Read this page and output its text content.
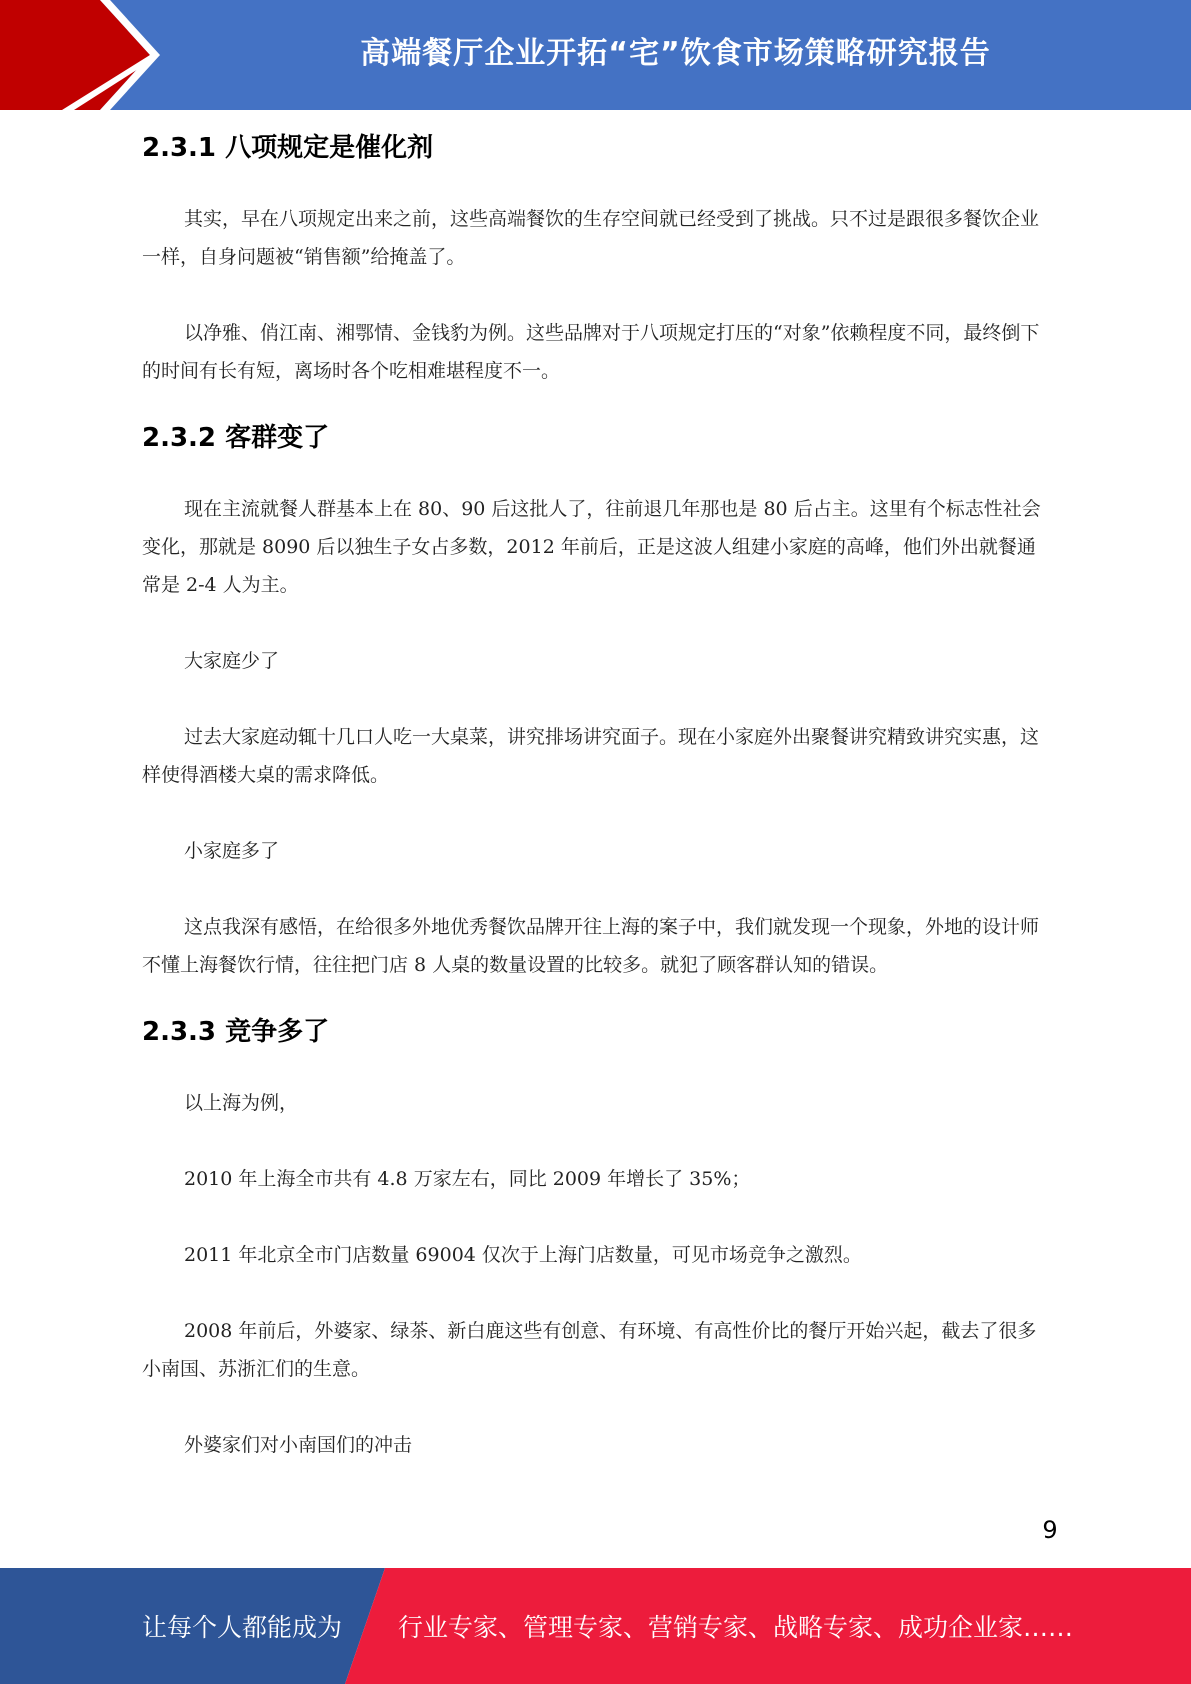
高端餐厅企业开拓“宅”饮食市场策略研究报告
2.3.1 八项规定是催化剂

其实，早在八项规定出来之前，这些高端餐饮的生存空间就已经受到了挑战。只不过是跟很多餐饮企业一样，自身问题被“销售额”给掩盖了。

以净雅、俏江南、湘鄂情、金钱豹为例。这些品牌对于八项规定打压的“对象”依赖程度不同，最终倒下的时间有长有短，离场时各个吃相难堪程度不一。

2.3.2 客群变了

现在主流就餐人群基本上在 80、90 后这批人了，往前退几年那也是 80 后占主。这里有个标志性社会变化，那就是 8090 后以独生子女占多数，2012 年前后，正是这波人组建小家庭的高峰，他们外出就餐通常是 2-4 人为主。

大家庭少了

过去大家庭动辄十几口人吃一大桌菜，讲究排场讲究面子。现在小家庭外出聚餐讲究精致讲究实惠，这样使得酒楼大桌的需求降低。

小家庭多了

这点我深有感悟，在给很多外地优秀餐饮品牌开往上海的案子中，我们就发现一个现象，外地的设计师不懂上海餐饮行情，往往把门店 8 人桌的数量设置的比较多。就犯了顾客群认知的错误。

2.3.3 竞争多了

以上海为例，

2010 年上海全市共有 4.8 万家左右，同比 2009 年增长了 35%；

2011 年北京全市门店数量 69004 仅次于上海门店数量，可见市场竞争之激烈。

2008 年前后，外婆家、绿茶、新白鹿这些有创意、有环境、有高性价比的餐厅开始兴起，截去了很多小南国、苏浙汇们的生意。

外婆家们对小南国们的冲击

9
让每个人都能成为 行业专家、管理专家、营销专家、战略专家、成功企业家……
